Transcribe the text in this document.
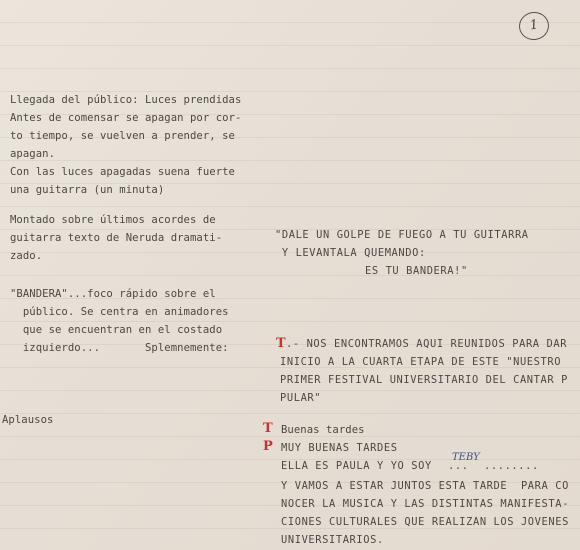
1
Llegada del público: Luces prendidas
Antes de comensar se apagan por cor-
to tiempo, se vuelven a prender, se
apagan.
Con las luces apagadas suena fuerte
una guitarra (un minuta)
Montado sobre últimos acordes de
guitarra texto de Neruda dramati-
zado.
"BANDERA"...foco rápido sobre el
público. Se centra en animadores
que se encuentran en el costado
izquierdo...	Splemnemente:
Aplausos
"DALE UN GOLPE DE FUEGO A TU GUITARRA
Y LEVANTALA QUEMANDO:
ES TU BANDERA!"
T .- NOS ENCONTRAMOS AQUI REUNIDOS PARA DAR
INICIO A LA CUARTA ETAPA DE ESTE "NUESTRO
PRIMER FESTIVAL UNIVERSITARIO DEL CANTAR P
PULAR"
T Buenas tardes
P MUY BUENAS TARDES
ELLA ES PAULA Y YO SOY
TEBY
... ........
Y VAMOS A ESTAR JUNTOS ESTA TARDE  PARA CO
NOCER LA MUSICA Y LAS DISTINTAS MANIFESTA-
CIONES CULTURALES QUE REALIZAN LOS JOVENES
UNIVERSITARIOS.
